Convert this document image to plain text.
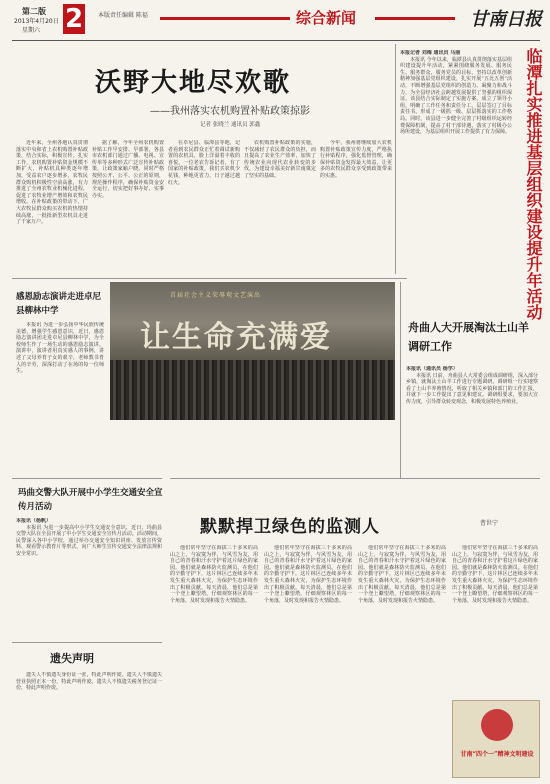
第二版
2013年4月20日
星期六 2	本版责任编辑 陈福	综合新闻	甘南日报
沃野大地尽欢歌
——我州落实农机购置补贴政策掠影
记者 张晓兰 通讯员 郭鑫

近年来，全州各地认真贯彻落实中央和省上农机购置补贴政策，结合实际，积极宣传，扎实工作，农机购置补贴资金规模不断扩大，补贴机具种类逐年增加，受益农户逐步增多，农牧民群众购机积极性空前高涨，有力推进了全州农牧业机械化进程，促进了农牧业增产增效和农牧民增收。在补贴政策的带动下，广大农牧民群众购买农机的热情持续高涨，一批批新型农机具走进了千家万户。

据了解，今年全州农机购置补贴工作早安排、早部署，各县市农机部门通过广播、电视、宣传单等多种形式广泛宣传补贴政策，让政策家喻户晓。同时严格按照公开、公平、公正的原则，规范操作程序，确保补贴资金安全运行，切实把好事办好、实事办实。

在卓尼县、临潭县等地，记者看到农民群众正忙着调试新购置的农机具，脸上洋溢着丰收的喜悦。一位老农告诉记者，有了国家的补贴政策，我们买农机少花钱，种地更省力，日子越过越红火。

农机购置补贴政策的实施，不仅减轻了农民群众的负担，而且提高了农业生产效率，加快了传统农业向现代农业转变的步伐，为建设幸福美好新甘南奠定了坚实的基础。

今年，我州将继续加大农机购置补贴政策宣传力度，严格执行补贴程序，强化监督管理，确保补贴资金发挥最大效益，让更多的农牧民群众享受到政策带来的实惠。

本报记者 刘梅 通讯员 马丽

本报讯 今年以来，临潭县认真贯彻落实基层组织建设提升年活动，紧紧围绕服务发展、服务民生、服务群众、服务党员的目标，坚持以改革创新精神加强基层党组织建设，扎实开展“五比五创”活动，不断增强基层党组织的创造力、凝聚力和战斗力，为全县经济社会跨越发展提供了坚强的组织保证。该县结合实际制定了实施方案，成立了领导小组，明确了工作任务和责任分工，层层签订了目标责任书，形成了一级抓一级、层层抓落实的工作格局。同时，该县进一步健全完善了村级组织运转经费保障机制，提高了村干部待遇，落实了村级办公场所建设，为基层组织开展工作提供了有力保障。 临潭扎实推进基层组织建设提升年活动
首届社会主义荣辱观文艺演出
让生命充满爱
感恩励志演讲走进卓尼县柳林中学

本报讯 为进一步弘扬中华民族传统美德，增强学生感恩意识，近日，感恩励志演讲团走进卓尼县柳林中学，为全校师生作了一场生动的感恩励志演讲。演讲中，演讲者用真实感人的事例，讲述了父母养育子女的艰辛，老师教书育人的辛劳，深深打动了在场的每一位师生。

舟曲人大开展淘汰土山羊调研工作
本报讯（通讯员 杨学）

本报讯 日前，舟曲县人大常委会组成调研组，深入部分乡镇，就淘汰土山羊工作进行专题调研。调研组一行实地察看了土山羊养殖情况，听取了相关乡镇和部门的工作汇报，并就下一步工作提出了意见和建议。调研组要求，要加大宣传力度，引导群众转变观念，积极发展特色养殖业。

玛曲交警大队开展中小学生交通安全宣传月活动
本报讯（杨帆）

本报讯 为进一步提高中小学生交通安全意识，近日，玛曲县交警大队在全县开展了中小学生交通安全宣传月活动。活动期间，民警深入各中小学校，通过举办交通安全知识讲座、发放宣传资料、观看警示教育片等形式，向广大师生宣传交通安全法律法规和安全常识。

默默捍卫绿色的监测人	曹世宁

他们常年坚守在海拔三千多米的高山之上，与寂寞为伴，与风雪为友，用自己的青春和汗水守护着这片绿色的家园。他们就是森林防火监测员。在他们的辛勤守护下，这片林区已连续多年未发生重大森林火灾，为保护生态环境作出了积极贡献。每天清晨，他们总是第一个登上瞭望塔，仔细观察林区的每一个角落，及时发现和报告火情隐患。

他们常年坚守在海拔三千多米的高山之上，与寂寞为伴，与风雪为友，用自己的青春和汗水守护着这片绿色的家园。他们就是森林防火监测员。在他们的辛勤守护下，这片林区已连续多年未发生重大森林火灾，为保护生态环境作出了积极贡献。每天清晨，他们总是第一个登上瞭望塔，仔细观察林区的每一个角落，及时发现和报告火情隐患。

他们常年坚守在海拔三千多米的高山之上，与寂寞为伴，与风雪为友，用自己的青春和汗水守护着这片绿色的家园。他们就是森林防火监测员。在他们的辛勤守护下，这片林区已连续多年未发生重大森林火灾，为保护生态环境作出了积极贡献。每天清晨，他们总是第一个登上瞭望塔，仔细观察林区的每一个角落，及时发现和报告火情隐患。

他们常年坚守在海拔三千多米的高山之上，与寂寞为伴，与风雪为友，用自己的青春和汗水守护着这片绿色的家园。他们就是森林防火监测员。在他们的辛勤守护下，这片林区已连续多年未发生重大森林火灾，为保护生态环境作出了积极贡献。每天清晨，他们总是第一个登上瞭望塔，仔细观察林区的每一个角落，及时发现和报告火情隐患。

遗失声明

遗失人不慎遗失身份证一张，特此声明作废。遗失人不慎遗失营业执照正本一份，特此声明作废。遗失人不慎遗失税务登记证一份，特此声明作废。

甘南“四个一”精神文明建设
